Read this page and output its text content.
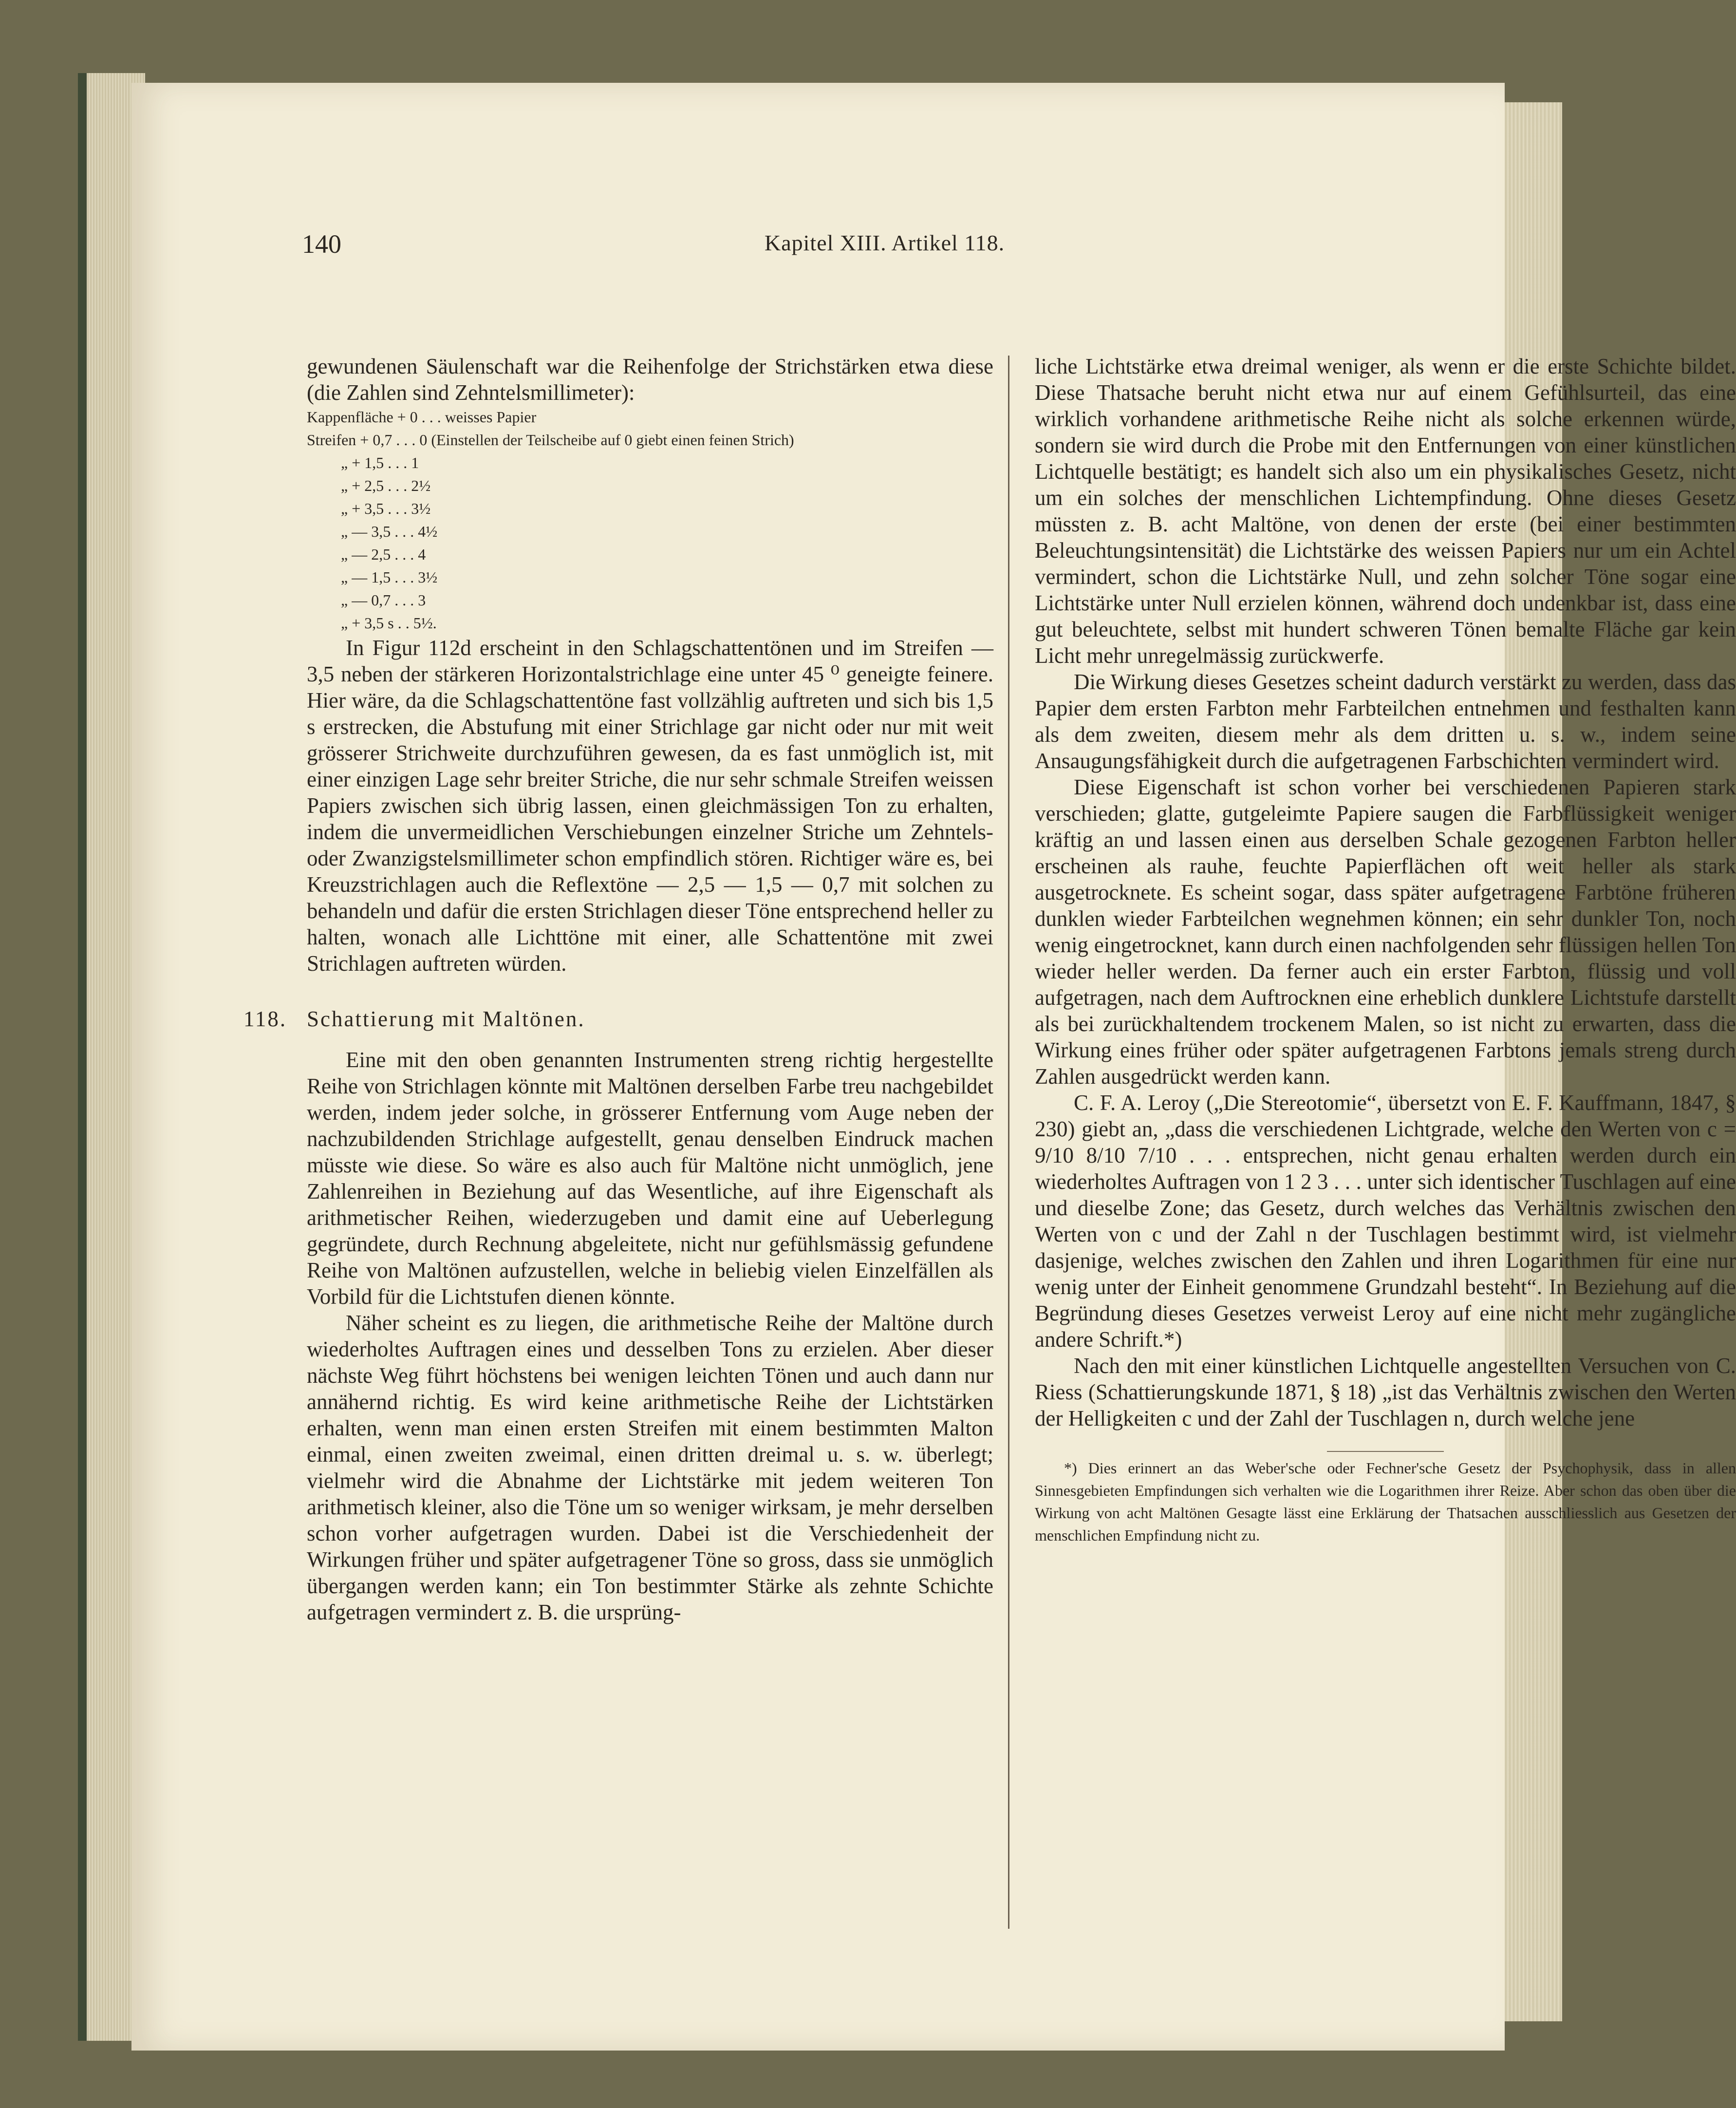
140	Kapitel XIII. Artikel 118.

gewundenen Säulenschaft war die Reihenfolge der Strichstärken etwa diese (die Zahlen sind Zehntelsmillimeter):

Kappenfläche + 0 . . . weisses Papier
Streifen + 0,7 . . . 0 (Einstellen der Teilscheibe auf 0 giebt einen feinen Strich)
„ + 1,5 . . . 1
„ + 2,5 . . . 2½
„ + 3,5 . . . 3½
„ — 3,5 . . . 4½
„ — 2,5 . . . 4
„ — 1,5 . . . 3½
„ — 0,7 . . . 3
„ + 3,5 s . . 5½.

In Figur 112d erscheint in den Schlagschattentönen und im Streifen — 3,5 neben der stärkeren Horizontalstrichlage eine unter 45 ⁰ geneigte feinere. Hier wäre, da die Schlagschattentöne fast vollzählig auftreten und sich bis 1,5 s erstrecken, die Abstufung mit einer Strichlage gar nicht oder nur mit weit grösserer Strichweite durchzuführen gewesen, da es fast unmöglich ist, mit einer einzigen Lage sehr breiter Striche, die nur sehr schmale Streifen weissen Papiers zwischen sich übrig lassen, einen gleichmässigen Ton zu erhalten, indem die unvermeidlichen Verschiebungen einzelner Striche um Zehntels- oder Zwanzigstelsmillimeter schon empfindlich stören. Richtiger wäre es, bei Kreuzstrichlagen auch die Reflextöne — 2,5 — 1,5 — 0,7 mit solchen zu behandeln und dafür die ersten Strichlagen dieser Töne entsprechend heller zu halten, wonach alle Lichttöne mit einer, alle Schattentöne mit zwei Strichlagen auftreten würden.

118. Schattierung mit Maltönen.

Eine mit den oben genannten Instrumenten streng richtig hergestellte Reihe von Strichlagen könnte mit Maltönen derselben Farbe treu nachgebildet werden, indem jeder solche, in grösserer Entfernung vom Auge neben der nachzubildenden Strichlage aufgestellt, genau denselben Eindruck machen müsste wie diese. So wäre es also auch für Maltöne nicht unmöglich, jene Zahlenreihen in Beziehung auf das Wesentliche, auf ihre Eigenschaft als arithmetischer Reihen, wiederzugeben und damit eine auf Ueberlegung gegründete, durch Rechnung abgeleitete, nicht nur gefühlsmässig gefundene Reihe von Maltönen aufzustellen, welche in beliebig vielen Einzelfällen als Vorbild für die Lichtstufen dienen könnte.

Näher scheint es zu liegen, die arithmetische Reihe der Maltöne durch wiederholtes Auftragen eines und desselben Tons zu erzielen. Aber dieser nächste Weg führt höchstens bei wenigen leichten Tönen und auch dann nur annähernd richtig. Es wird keine arithmetische Reihe der Lichtstärken erhalten, wenn man einen ersten Streifen mit einem bestimmten Malton einmal, einen zweiten zweimal, einen dritten dreimal u. s. w. überlegt; vielmehr wird die Abnahme der Lichtstärke mit jedem weiteren Ton arithmetisch kleiner, also die Töne um so weniger wirksam, je mehr derselben schon vorher aufgetragen wurden. Dabei ist die Verschiedenheit der Wirkungen früher und später aufgetragener Töne so gross, dass sie unmöglich übergangen werden kann; ein Ton bestimmter Stärke als zehnte Schichte aufgetragen vermindert z. B. die ursprüng-

liche Lichtstärke etwa dreimal weniger, als wenn er die erste Schichte bildet. Diese Thatsache beruht nicht etwa nur auf einem Gefühlsurteil, das eine wirklich vorhandene arithmetische Reihe nicht als solche erkennen würde, sondern sie wird durch die Probe mit den Entfernungen von einer künstlichen Lichtquelle bestätigt; es handelt sich also um ein physikalisches Gesetz, nicht um ein solches der menschlichen Lichtempfindung. Ohne dieses Gesetz müssten z. B. acht Maltöne, von denen der erste (bei einer bestimmten Beleuchtungsintensität) die Lichtstärke des weissen Papiers nur um ein Achtel vermindert, schon die Lichtstärke Null, und zehn solcher Töne sogar eine Lichtstärke unter Null erzielen können, während doch undenkbar ist, dass eine gut beleuchtete, selbst mit hundert schweren Tönen bemalte Fläche gar kein Licht mehr unregelmässig zurückwerfe.

Die Wirkung dieses Gesetzes scheint dadurch verstärkt zu werden, dass das Papier dem ersten Farbton mehr Farbteilchen entnehmen und festhalten kann als dem zweiten, diesem mehr als dem dritten u. s. w., indem seine Ansaugungsfähigkeit durch die aufgetragenen Farbschichten vermindert wird.

Diese Eigenschaft ist schon vorher bei verschiedenen Papieren stark verschieden; glatte, gutgeleimte Papiere saugen die Farbflüssigkeit weniger kräftig an und lassen einen aus derselben Schale gezogenen Farbton heller erscheinen als rauhe, feuchte Papierflächen oft weit heller als stark ausgetrocknete. Es scheint sogar, dass später aufgetragene Farbtöne früheren dunklen wieder Farbteilchen wegnehmen können; ein sehr dunkler Ton, noch wenig eingetrocknet, kann durch einen nachfolgenden sehr flüssigen hellen Ton wieder heller werden. Da ferner auch ein erster Farbton, flüssig und voll aufgetragen, nach dem Auftrocknen eine erheblich dunklere Lichtstufe darstellt als bei zurückhaltendem trockenem Malen, so ist nicht zu erwarten, dass die Wirkung eines früher oder später aufgetragenen Farbtons jemals streng durch Zahlen ausgedrückt werden kann.

C. F. A. Leroy („Die Stereotomie“, übersetzt von E. F. Kauffmann, 1847, § 230) giebt an, „dass die verschiedenen Lichtgrade, welche den Werten von c = 9/10 8/10 7/10 . . . entsprechen, nicht genau erhalten werden durch ein wiederholtes Auftragen von 1 2 3 . . . unter sich identischer Tuschlagen auf eine und dieselbe Zone; das Gesetz, durch welches das Verhältnis zwischen den Werten von c und der Zahl n der Tuschlagen bestimmt wird, ist vielmehr dasjenige, welches zwischen den Zahlen und ihren Logarithmen für eine nur wenig unter der Einheit genommene Grundzahl besteht“. In Beziehung auf die Begründung dieses Gesetzes verweist Leroy auf eine nicht mehr zugängliche andere Schrift.*)

Nach den mit einer künstlichen Lichtquelle angestellten Versuchen von C. Riess (Schattierungskunde 1871, § 18) „ist das Verhältnis zwischen den Werten der Helligkeiten c und der Zahl der Tuschlagen n, durch welche jene

*) Dies erinnert an das Weber'sche oder Fechner'sche Gesetz der Psychophysik, dass in allen Sinnesgebieten Empfindungen sich verhalten wie die Logarithmen ihrer Reize. Aber schon das oben über die Wirkung von acht Maltönen Gesagte lässt eine Erklärung der Thatsachen ausschliesslich aus Gesetzen der menschlichen Empfindung nicht zu.
